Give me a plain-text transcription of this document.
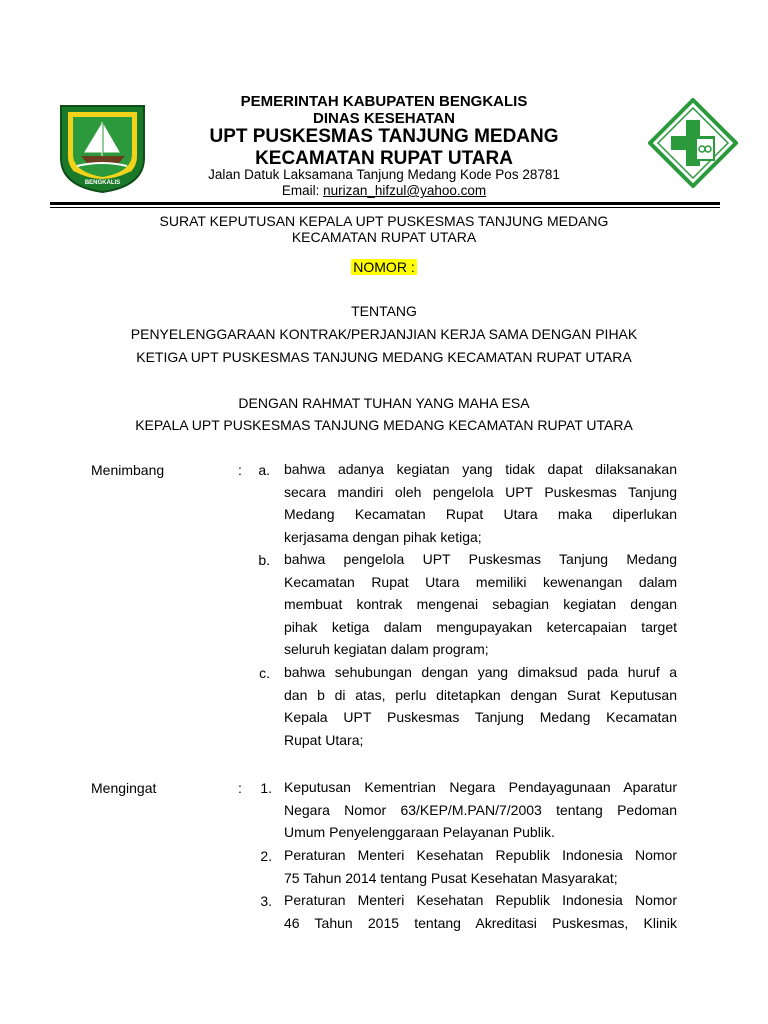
BENGKALIS
PEMERINTAH KABUPATEN BENGKALIS
DINAS KESEHATAN
UPT PUSKESMAS TANJUNG MEDANG
KECAMATAN RUPAT UTARA
Jalan Datuk Laksamana Tanjung Medang Kode Pos 28781
Email: nurizan_hifzul@yahoo.com
SURAT KEPUTUSAN KEPALA UPT PUSKESMAS TANJUNG MEDANG
KECAMATAN RUPAT UTARA
NOMOR :
TENTANG
PENYELENGGARAAN KONTRAK/PERJANJIAN KERJA SAMA DENGAN PIHAK
KETIGA UPT PUSKESMAS TANJUNG MEDANG KECAMATAN RUPAT UTARA
DENGAN RAHMAT TUHAN YANG MAHA ESA
KEPALA UPT PUSKESMAS TANJUNG MEDANG KECAMATAN RUPAT UTARA
Menimbang	:	a. bahwa adanya kegiatan yang tidak dapat dilaksanakan
secara mandiri oleh pengelola UPT Puskesmas Tanjung
Medang Kecamatan Rupat Utara maka diperlukan
kerjasama dengan pihak ketiga;
b. bahwa pengelola UPT Puskesmas Tanjung Medang
Kecamatan Rupat Utara memiliki kewenangan dalam
membuat kontrak mengenai sebagian kegiatan dengan
pihak ketiga dalam mengupayakan ketercapaian target
seluruh kegiatan dalam program;
c. bahwa sehubungan dengan yang dimaksud pada huruf a
dan b di atas, perlu ditetapkan dengan Surat Keputusan
Kepala UPT Puskesmas Tanjung Medang Kecamatan
Rupat Utara;
Mengingat	:	1. Keputusan Kementrian Negara Pendayagunaan Aparatur
Negara Nomor 63/KEP/M.PAN/7/2003 tentang Pedoman
Umum Penyelenggaraan Pelayanan Publik.
2. Peraturan Menteri Kesehatan Republik Indonesia Nomor
75 Tahun 2014 tentang Pusat Kesehatan Masyarakat;
3. Peraturan Menteri Kesehatan Republik Indonesia Nomor
46 Tahun 2015 tentang Akreditasi Puskesmas, Klinik
